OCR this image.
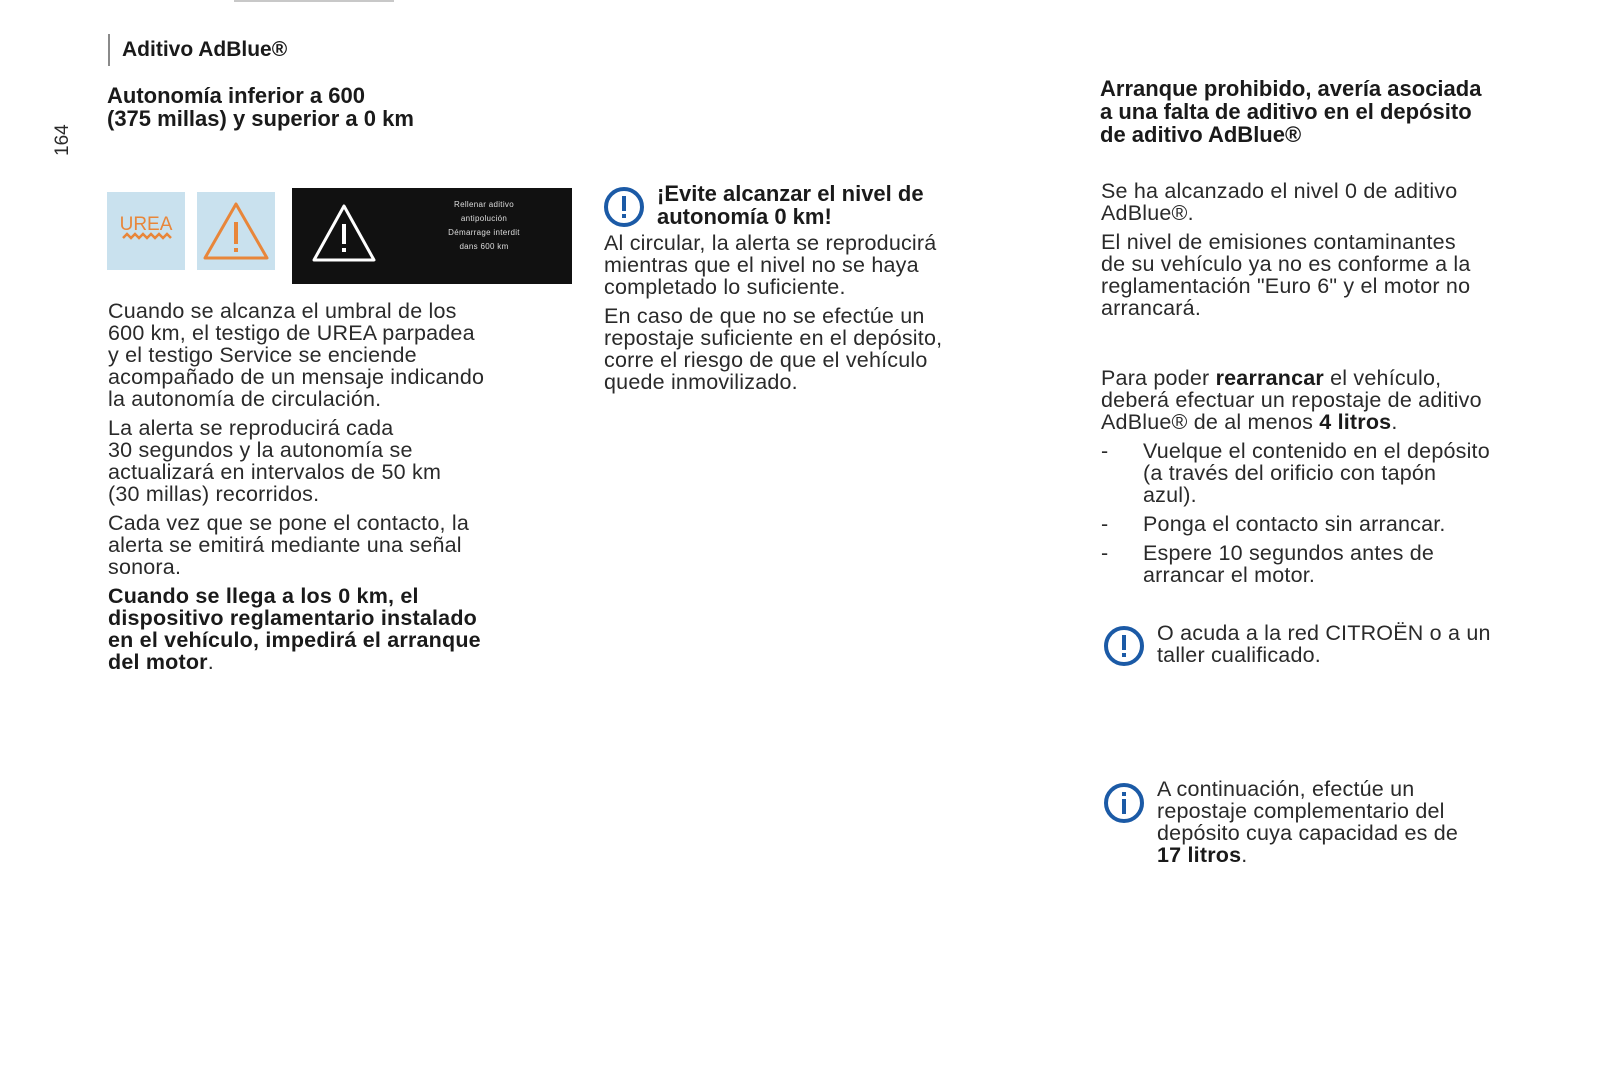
Aditivo AdBlue®
164
Autonomía inferior a 600
(375 millas) y superior a 0 km
UREA
Rellenar aditivo
antipolución
Démarrage interdit
dans 600 km

Cuando se alcanza el umbral de los
600 km, el testigo de UREA parpadea
y el testigo Service se enciende
acompañado de un mensaje indicando
la autonomía de circulación.

La alerta se reproducirá cada
30 segundos y la autonomía se
actualizará en intervalos de 50 km
(30 millas) recorridos.

Cada vez que se pone el contacto, la
alerta se emitirá mediante una señal
sonora.

Cuando se llega a los 0 km, el
dispositivo reglamentario instalado
en el vehículo, impedirá el arranque
del motor.

¡Evite alcanzar el nivel de
autonomía 0 km!

Al circular, la alerta se reproducirá
mientras que el nivel no se haya
completado lo suficiente.

En caso de que no se efectúe un
repostaje suficiente en el depósito,
corre el riesgo de que el vehículo
quede inmovilizado.

Arranque prohibido, avería asociada
a una falta de aditivo en el depósito
de aditivo AdBlue®

Se ha alcanzado el nivel 0 de aditivo
AdBlue®.

El nivel de emisiones contaminantes
de su vehículo ya no es conforme a la
reglamentación "Euro 6" y el motor no
arrancará.

Para poder rearrancar el vehículo,
deberá efectuar un repostaje de aditivo
AdBlue® de al menos 4 litros.

-	Vuelque el contenido en el depósito
(a través del orificio con tapón
azul).
-	Ponga el contacto sin arrancar.
-	Espere 10 segundos antes de
arrancar el motor.
O acuda a la red CITROËN o a un
taller cualificado.
A continuación, efectúe un
repostaje complementario del
depósito cuya capacidad es de
17 litros.
